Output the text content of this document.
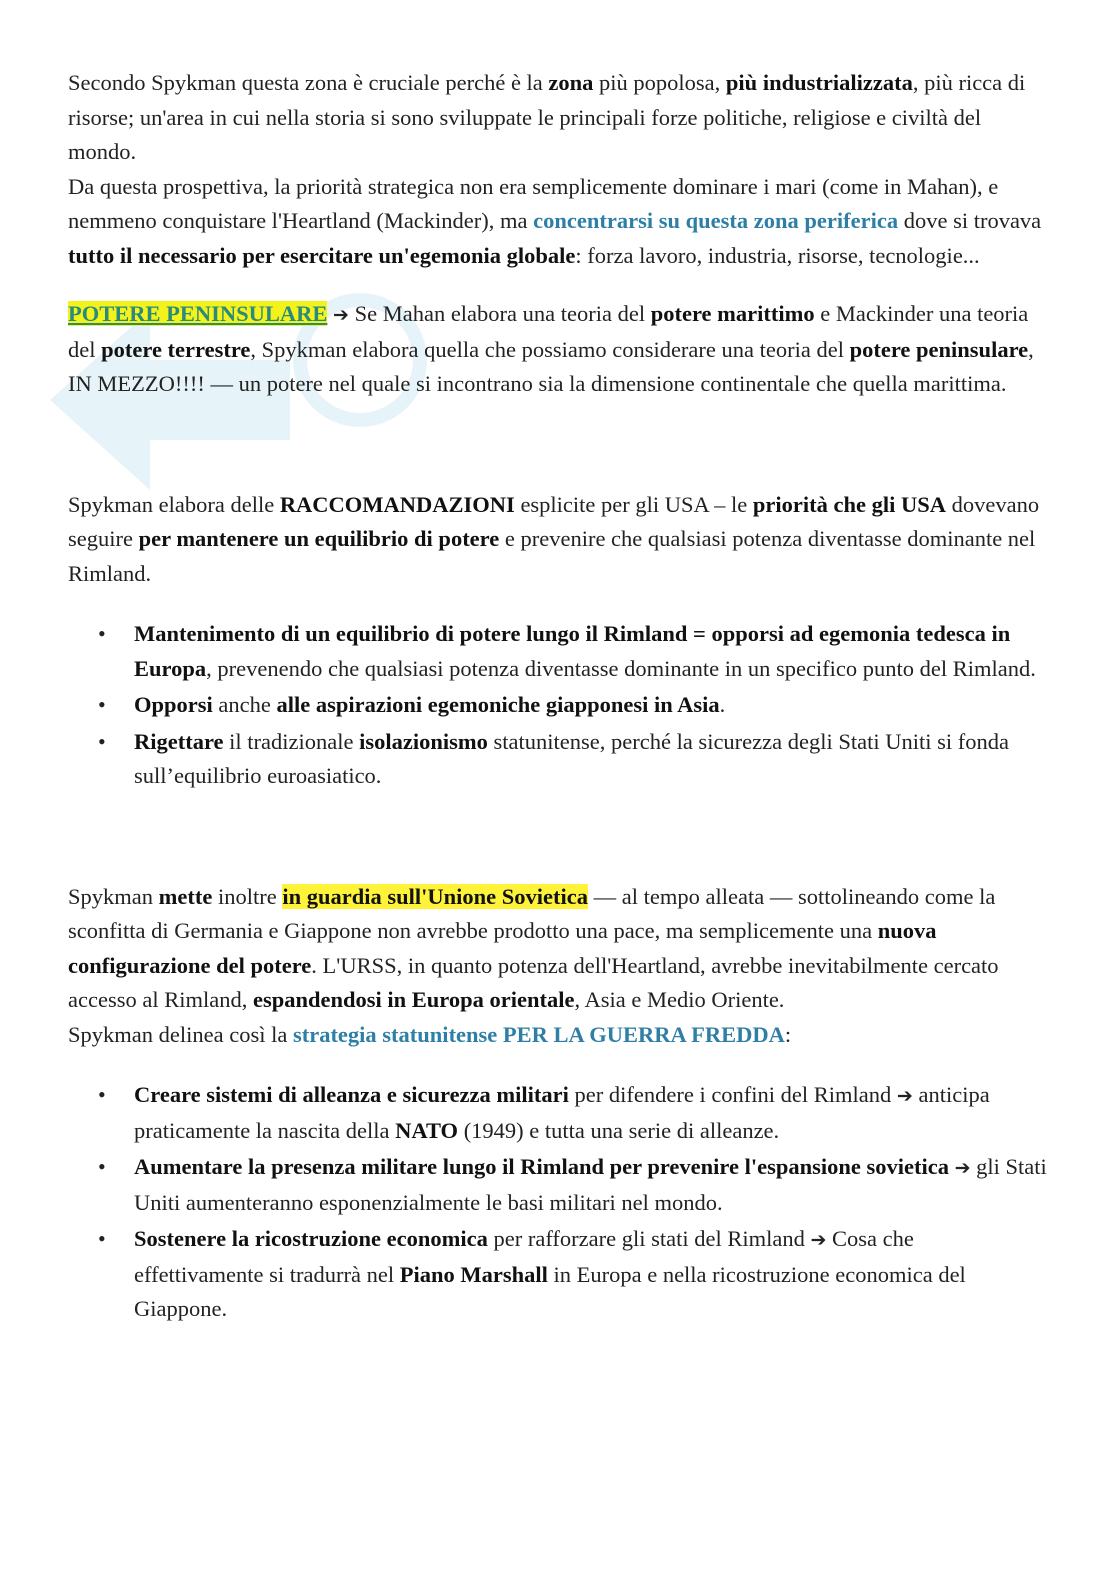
Secondo Spykman questa zona è cruciale perché è la zona più popolosa, più industrializzata, più ricca di risorse; un'area in cui nella storia si sono sviluppate le principali forze politiche, religiose e civiltà del mondo.
Da questa prospettiva, la priorità strategica non era semplicemente dominare i mari (come in Mahan), e nemmeno conquistare l'Heartland (Mackinder), ma concentrarsi su questa zona periferica dove si trovava tutto il necessario per esercitare un'egemonia globale: forza lavoro, industria, risorse, tecnologie...

POTERE PENINSULARE ➔ Se Mahan elabora una teoria del potere marittimo e Mackinder una teoria del potere terrestre, Spykman elabora quella che possiamo considerare una teoria del potere peninsulare, IN MEZZO!!!! — un potere nel quale si incontrano sia la dimensione continentale che quella marittima.

Spykman elabora delle RACCOMANDAZIONI esplicite per gli USA – le priorità che gli USA dovevano seguire per mantenere un equilibrio di potere e prevenire che qualsiasi potenza diventasse dominante nel Rimland.

• Mantenimento di un equilibrio di potere lungo il Rimland = opporsi ad egemonia tedesca in Europa, prevenendo che qualsiasi potenza diventasse dominante in un specifico punto del Rimland.
• Opporsi anche alle aspirazioni egemoniche giapponesi in Asia.
• Rigettare il tradizionale isolazionismo statunitense, perché la sicurezza degli Stati Uniti si fonda sull’equilibrio euroasiatico.

Spykman mette inoltre in guardia sull'Unione Sovietica — al tempo alleata — sottolineando come la sconfitta di Germania e Giappone non avrebbe prodotto una pace, ma semplicemente una nuova configurazione del potere. L'URSS, in quanto potenza dell'Heartland, avrebbe inevitabilmente cercato accesso al Rimland, espandendosi in Europa orientale, Asia e Medio Oriente.
Spykman delinea così la strategia statunitense PER LA GUERRA FREDDA:

• Creare sistemi di alleanza e sicurezza militari per difendere i confini del Rimland ➔ anticipa praticamente la nascita della NATO (1949) e tutta una serie di alleanze.
• Aumentare la presenza militare lungo il Rimland per prevenire l'espansione sovietica ➔ gli Stati Uniti aumenteranno esponenzialmente le basi militari nel mondo.
• Sostenere la ricostruzione economica per rafforzare gli stati del Rimland ➔ Cosa che effettivamente si tradurrà nel Piano Marshall in Europa e nella ricostruzione economica del Giappone.
